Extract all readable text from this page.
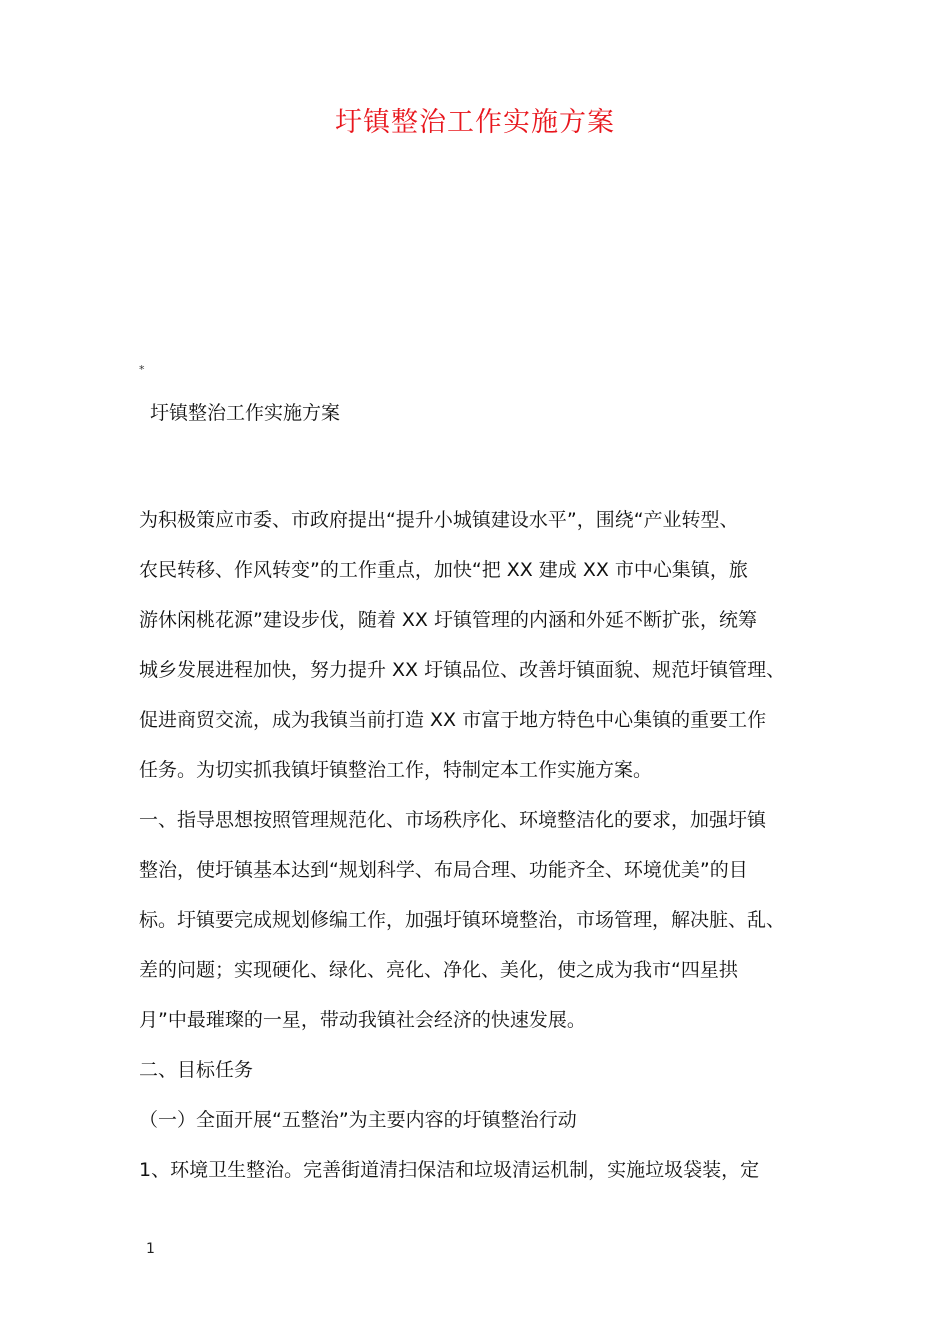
圩镇整治工作实施方案
*
圩镇整治工作实施方案
为积极策应市委、市政府提出“提升小城镇建设水平”，围绕“产业转型、
农民转移、作风转变”的工作重点，加快“把 XX 建成 XX 市中心集镇，旅
游休闲桃花源”建设步伐，随着 XX 圩镇管理的内涵和外延不断扩张，统筹
城乡发展进程加快，努力提升 XX 圩镇品位、改善圩镇面貌、规范圩镇管理、
促进商贸交流，成为我镇当前打造 XX 市富于地方特色中心集镇的重要工作
任务。为切实抓我镇圩镇整治工作，特制定本工作实施方案。
一、指导思想按照管理规范化、市场秩序化、环境整洁化的要求，加强圩镇
整治，使圩镇基本达到“规划科学、布局合理、功能齐全、环境优美”的目
标。圩镇要完成规划修编工作，加强圩镇环境整治，市场管理，解决脏、乱、
差的问题；实现硬化、绿化、亮化、净化、美化，使之成为我市“四星拱
月”中最璀璨的一星，带动我镇社会经济的快速发展。
二、目标任务
（一）全面开展“五整治”为主要内容的圩镇整治行动
1、环境卫生整治。完善街道清扫保洁和垃圾清运机制，实施垃圾袋装，定
1
